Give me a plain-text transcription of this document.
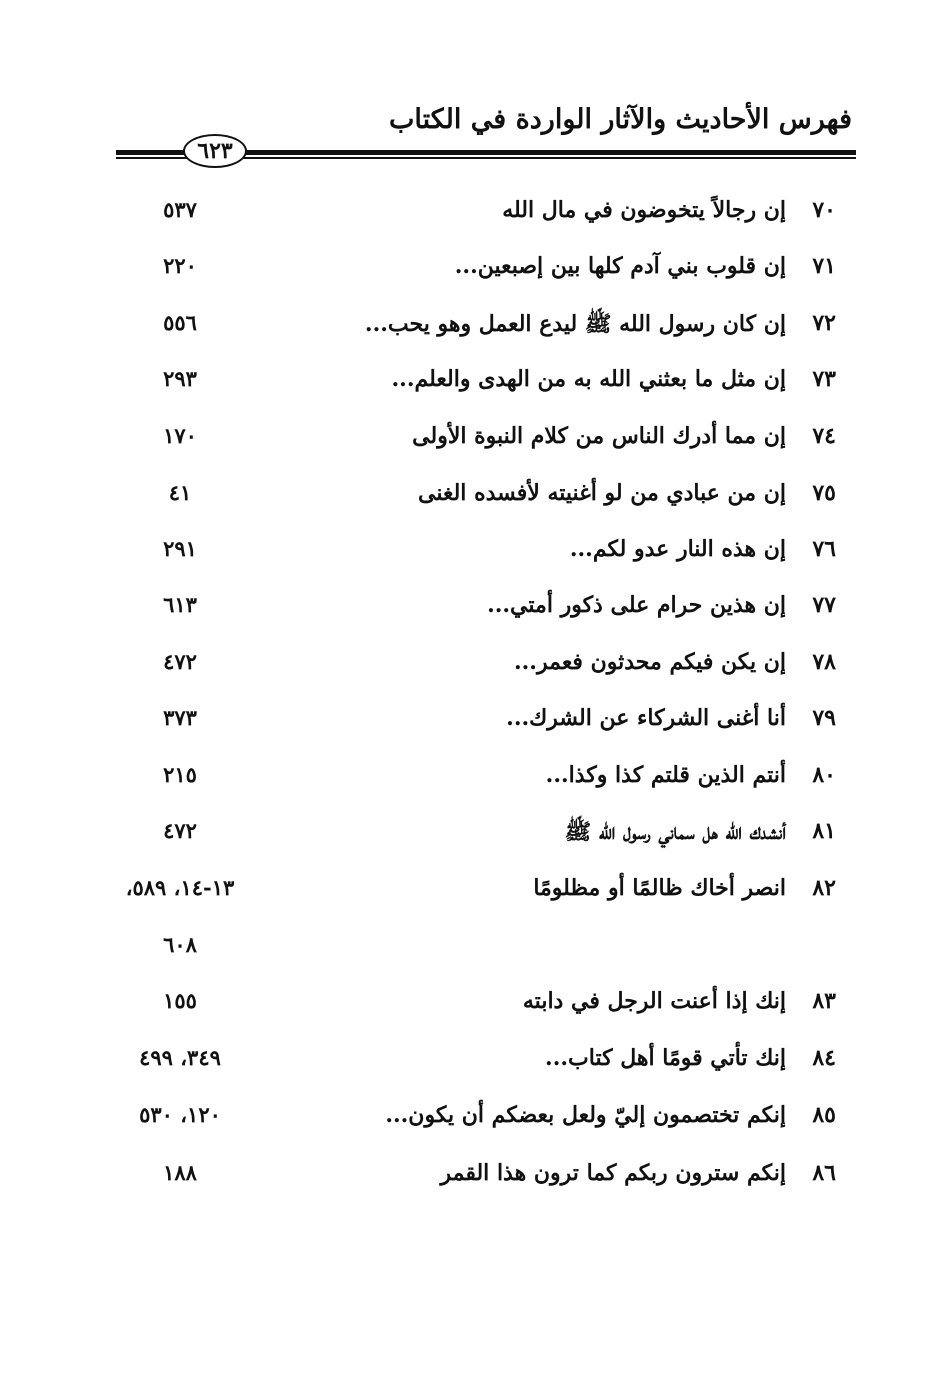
فهرس الأحاديث والآثار الواردة في الكتاب
٦٢٣
٧٠
إن رجالاً يتخوضون في مال الله
٥٣٧
٧١
إن قلوب بني آدم كلها بين إصبعين...
٢٢٠
٧٢
إن كان رسول الله ﷺ ليدع العمل وهو يحب...
٥٥٦
٧٣
إن مثل ما بعثني الله به من الهدى والعلم...
٢٩٣
٧٤
إن مما أدرك الناس من كلام النبوة الأولى
١٧٠
٧٥
إن من عبادي من لو أغنيته لأفسده الغنى
٤١
٧٦
إن هذه النار عدو لكم...
٢٩١
٧٧
إن هذين حرام على ذكور أمتي...
٦١٣
٧٨
إن يكن فيكم محدثون فعمر...
٤٧٢
٧٩
أنا أغنى الشركاء عن الشرك...
٣٧٣
٨٠
أنتم الذين قلتم كذا وكذا...
٢١٥
٨١
أنشدك الله هل سماني رسول الله ﷺ
٤٧٢
٨٢
انصر أخاك ظالمًا أو مظلومًا
١٣-١٤، ٥٨٩،
٦٠٨
٨٣
إنك إذا أعنت الرجل في دابته
١٥٥
٨٤
إنك تأتي قومًا أهل كتاب...
٣٤٩، ٤٩٩
٨٥
إنكم تختصمون إليّ ولعل بعضكم أن يكون...
١٢٠، ٥٣٠
٨٦
إنكم سترون ربكم كما ترون هذا القمر
١٨٨
